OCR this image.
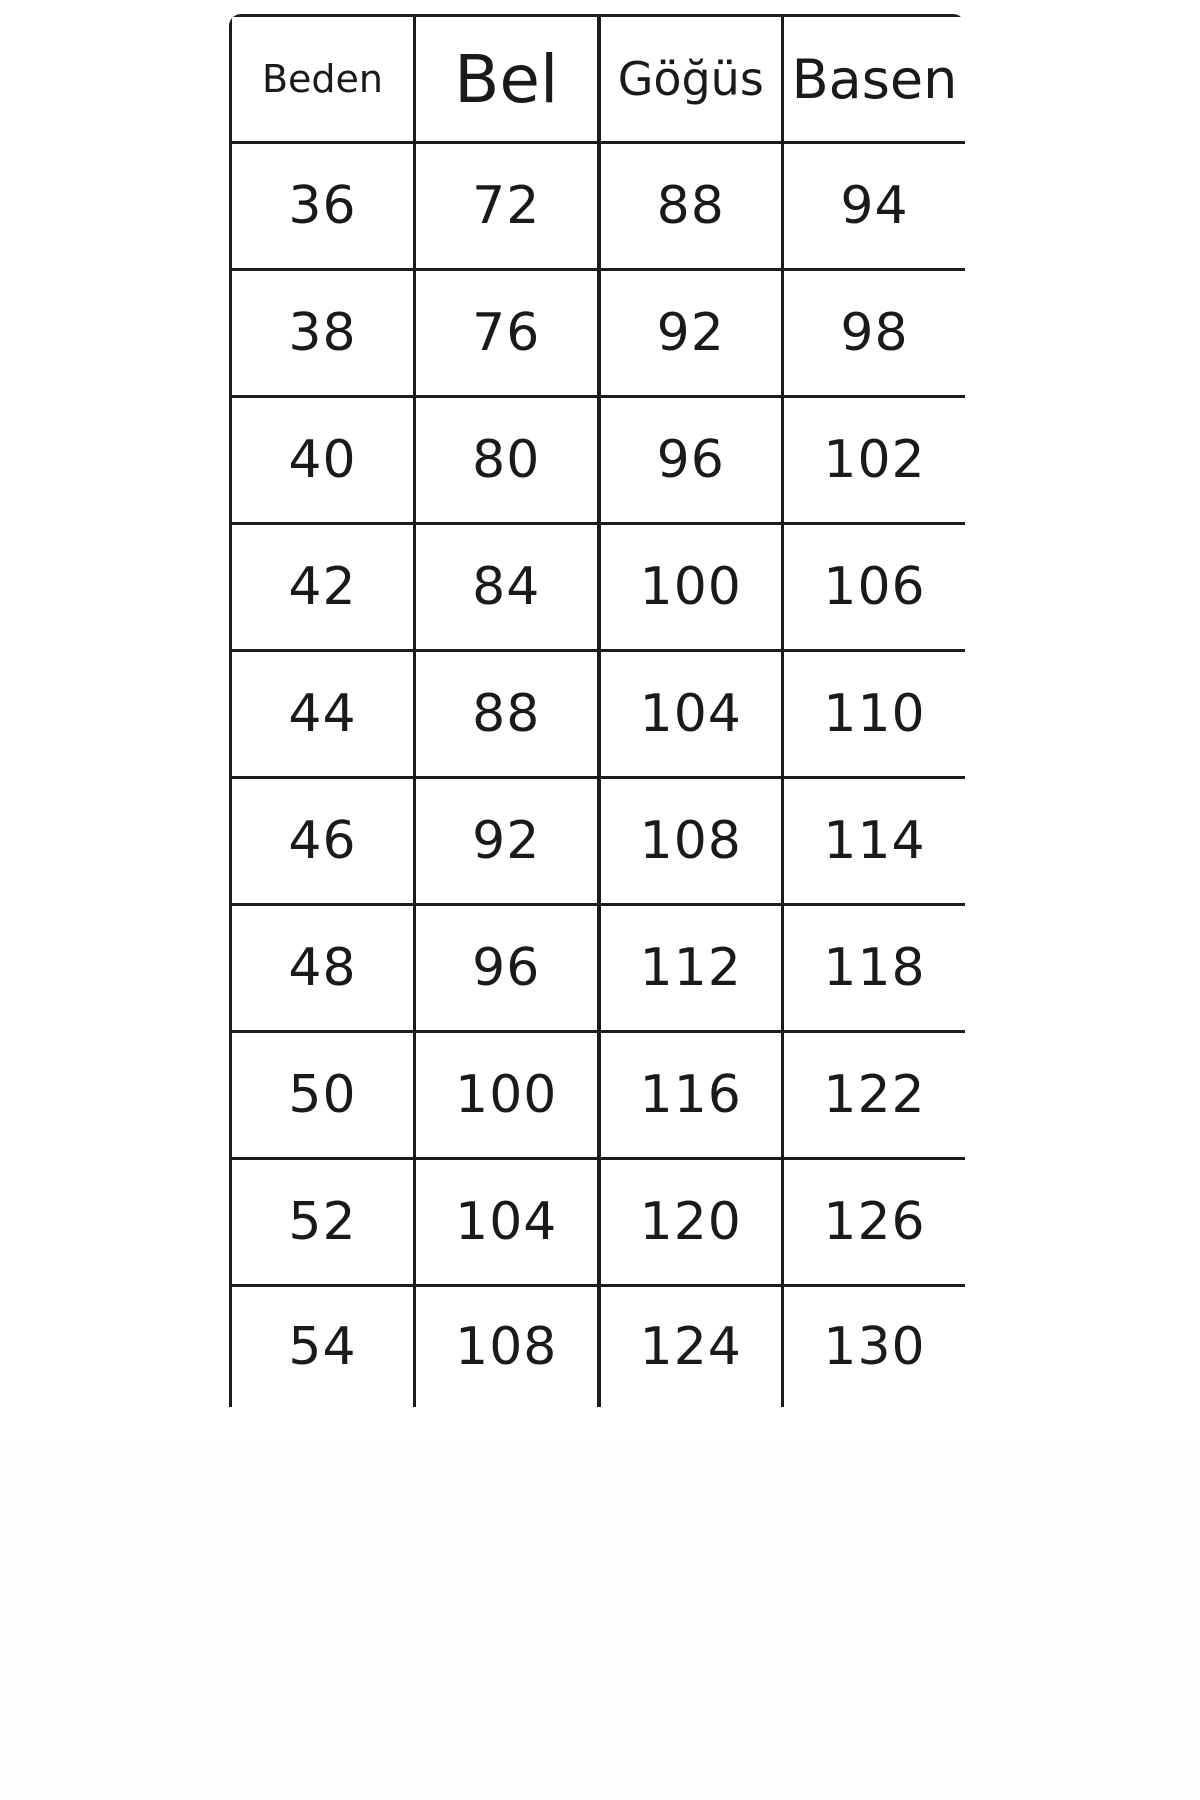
Beden	Bel	Göğüs	Basen
36	72	88	94
38	76	92	98
40	80	96	102
42	84	100	106
44	88	104	110
46	92	108	114
48	96	112	118
50	100	116	122
52	104	120	126
54	108	124	130
